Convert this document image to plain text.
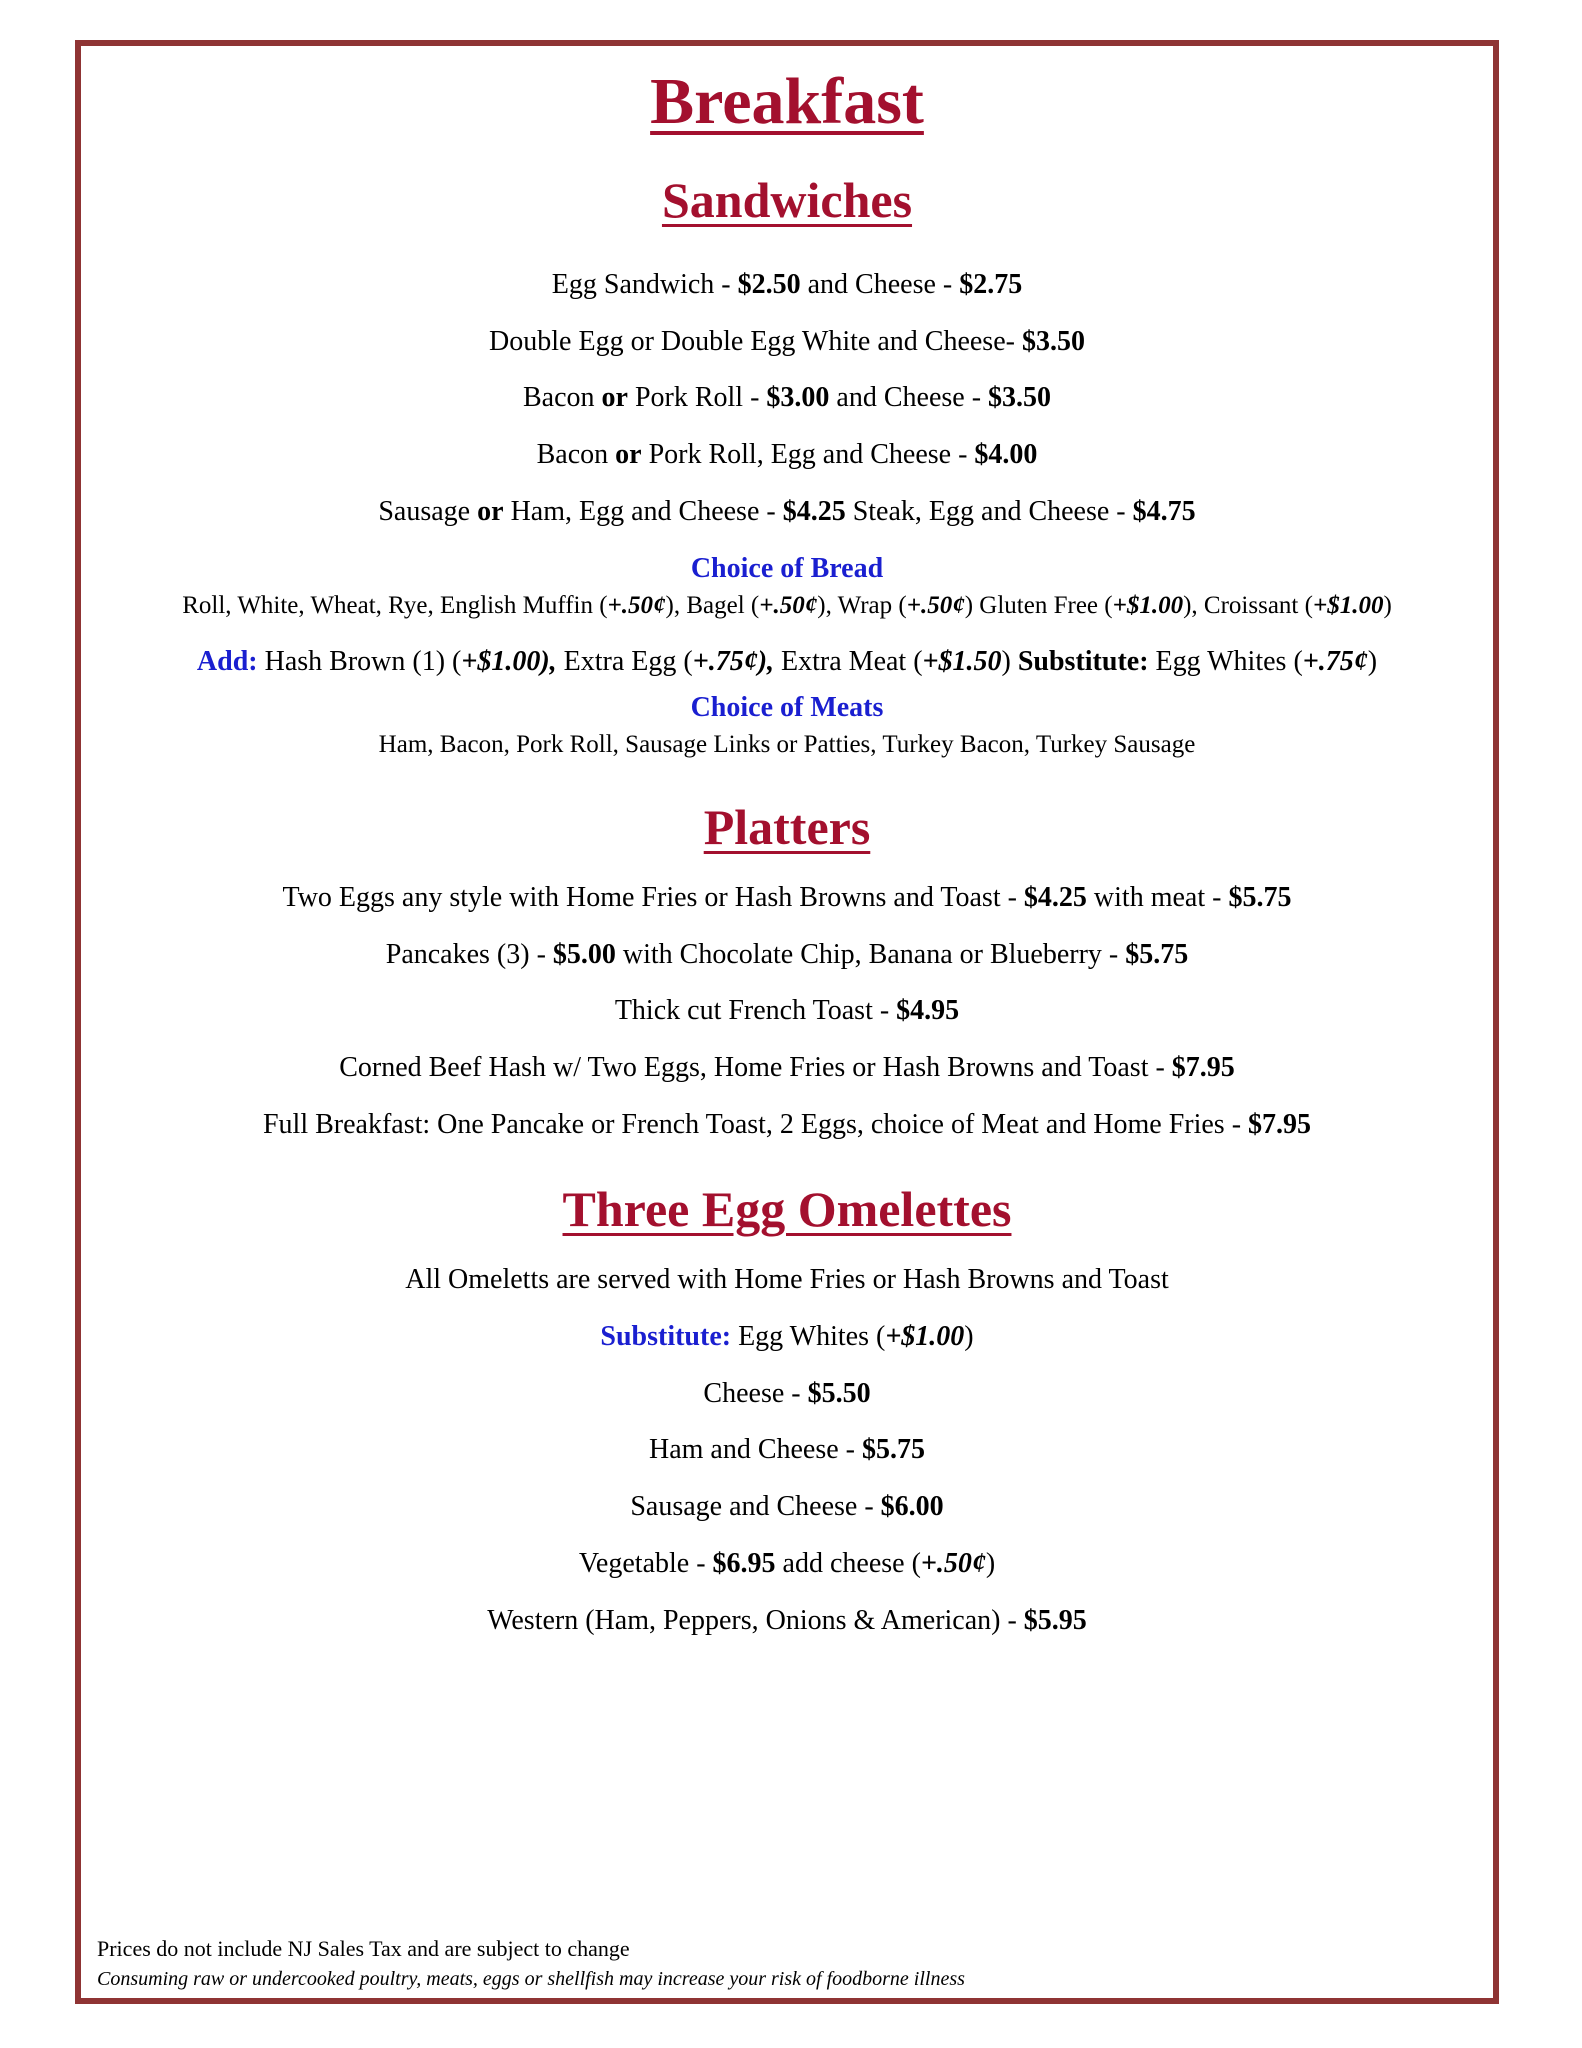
Breakfast
Sandwiches
Egg Sandwich - $2.50 and Cheese - $2.75
Double Egg or Double Egg White and Cheese- $3.50
Bacon or Pork Roll - $3.00 and Cheese - $3.50
Bacon or Pork Roll, Egg and Cheese - $4.00
Sausage or Ham, Egg and Cheese - $4.25 Steak, Egg and Cheese - $4.75
Choice of Bread
Roll, White, Wheat, Rye, English Muffin (+.50¢), Bagel (+.50¢), Wrap (+.50¢) Gluten Free (+$1.00), Croissant (+$1.00)
Add: Hash Brown (1) (+$1.00), Extra Egg (+.75¢), Extra Meat (+$1.50) Substitute: Egg Whites (+.75¢)
Choice of Meats
Ham, Bacon, Pork Roll, Sausage Links or Patties, Turkey Bacon, Turkey Sausage
Platters
Two Eggs any style with Home Fries or Hash Browns and Toast - $4.25 with meat - $5.75
Pancakes (3) - $5.00 with Chocolate Chip, Banana or Blueberry - $5.75
Thick cut French Toast - $4.95
Corned Beef Hash w/ Two Eggs, Home Fries or Hash Browns and Toast - $7.95
Full Breakfast: One Pancake or French Toast, 2 Eggs, choice of Meat and Home Fries - $7.95
Three Egg Omelettes
All Omeletts are served with Home Fries or Hash Browns and Toast
Substitute: Egg Whites (+$1.00)
Cheese - $5.50
Ham and Cheese - $5.75
Sausage and Cheese - $6.00
Vegetable - $6.95 add cheese (+.50¢)
Western (Ham, Peppers, Onions & American) - $5.95
Prices do not include NJ Sales Tax and are subject to change
Consuming raw or undercooked poultry, meats, eggs or shellfish may increase your risk of foodborne illness
